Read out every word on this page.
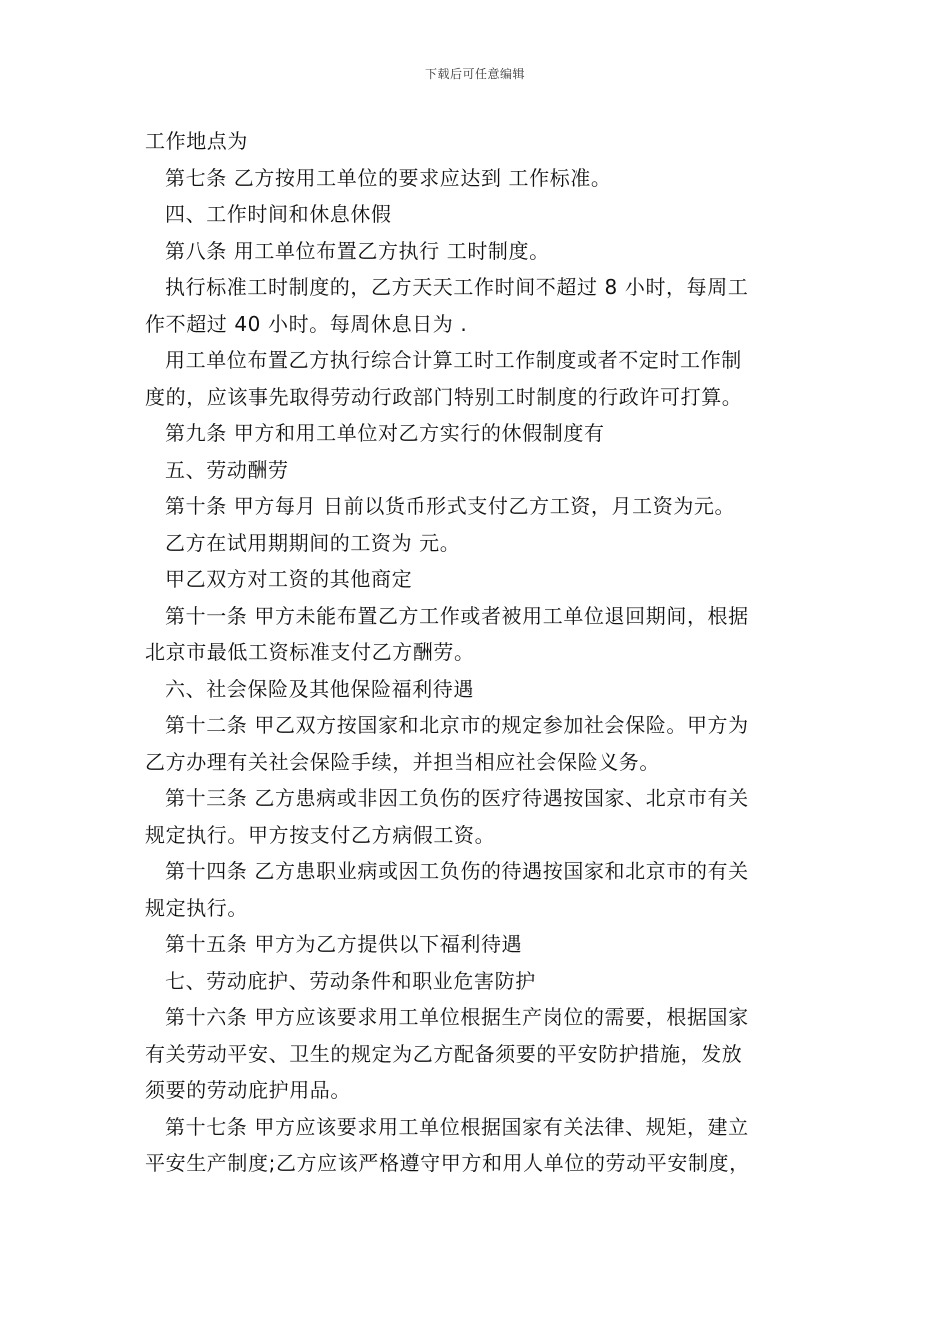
下载后可任意编辑
工作地点为
第七条 乙方按用工单位的要求应达到 工作标准。
四、工作时间和休息休假
第八条 用工单位布置乙方执行 工时制度。
执行标准工时制度的，乙方天天工作时间不超过 8 小时，每周工
作不超过 40 小时。每周休息日为 .
用工单位布置乙方执行综合计算工时工作制度或者不定时工作制
度的，应该事先取得劳动行政部门特别工时制度的行政许可打算。
第九条 甲方和用工单位对乙方实行的休假制度有
五、劳动酬劳
第十条 甲方每月 日前以货币形式支付乙方工资，月工资为元。
乙方在试用期期间的工资为 元。
甲乙双方对工资的其他商定
第十一条 甲方未能布置乙方工作或者被用工单位退回期间，根据
北京市最低工资标准支付乙方酬劳。
六、社会保险及其他保险福利待遇
第十二条 甲乙双方按国家和北京市的规定参加社会保险。甲方为
乙方办理有关社会保险手续，并担当相应社会保险义务。
第十三条 乙方患病或非因工负伤的医疗待遇按国家、北京市有关
规定执行。甲方按支付乙方病假工资。
第十四条 乙方患职业病或因工负伤的待遇按国家和北京市的有关
规定执行。
第十五条 甲方为乙方提供以下福利待遇
七、劳动庇护、劳动条件和职业危害防护
第十六条 甲方应该要求用工单位根据生产岗位的需要，根据国家
有关劳动平安、卫生的规定为乙方配备须要的平安防护措施，发放
须要的劳动庇护用品。
第十七条 甲方应该要求用工单位根据国家有关法律、规矩，建立
平安生产制度;乙方应该严格遵守甲方和用人单位的劳动平安制度，
